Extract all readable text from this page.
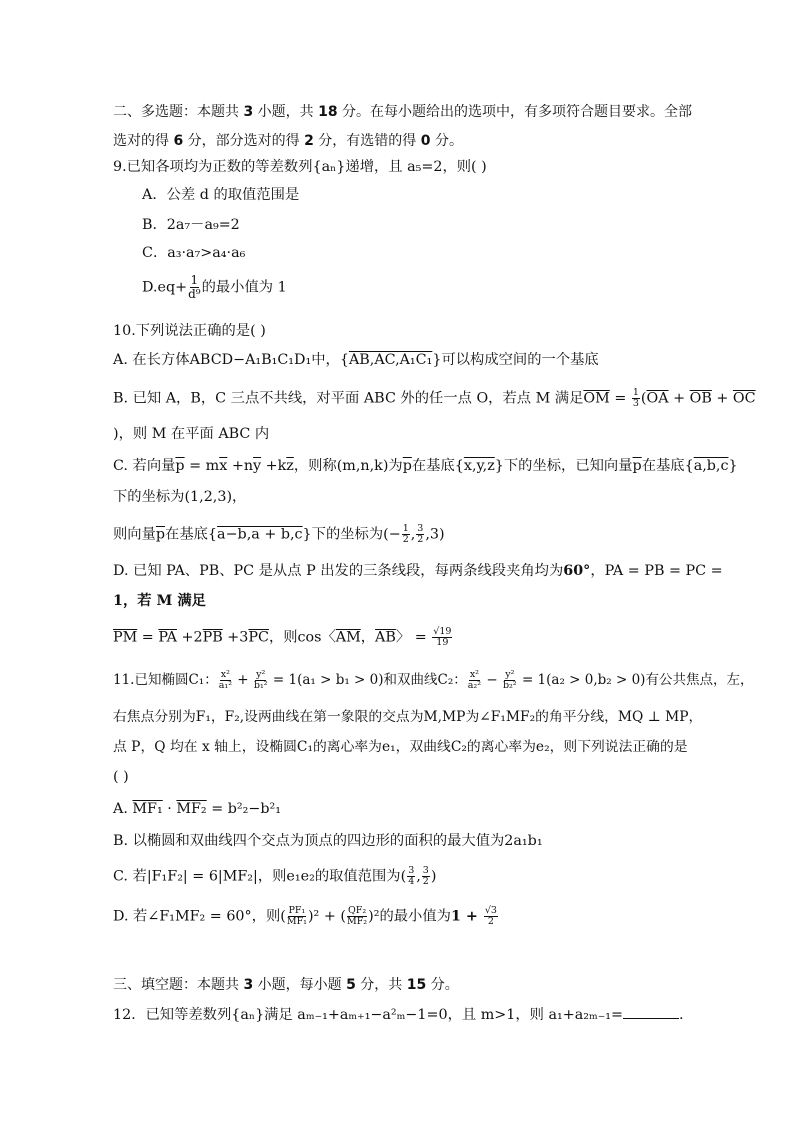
二、多选题：本题共 3 小题，共 18 分。在每小题给出的选项中，有多项符合题目要求。全部
选对的得 6 分，部分选对的得 2 分，有选错的得 0 分。
9.已知各项均为正数的等差数列{aₙ}递增，且 a₅=2，则( )
A．公差 d 的取值范围是
B．2a₇－a₉=2
C．a₃·a₇>a₄·a₆
$D.eq+ \frac{1}{\text{d⁹}}$ 的最小值为 1
10.下列说法正确的是( )
A. 在长方体ABCD−A₁B₁C₁D₁中，{AB,AC,A₁C₁}可以构成空间的一个基底
B. 已知 A，B，C 三点不共线，对平面 ABC 外的任一点 O，若点 M 满足$\overline{OM} = \frac{1}{3} (\overline{OA} + \overline{OB} + \overline{OC}$
)，则 M 在平面 ABC 内
C. 若向量$\overline{p} = m\overline{x} +n\overline{y} +k\overline{z}$，则称(m,n,k)为$\overline{p}$在基底{x,y,z}下的坐标，已知向量$\overline{p}$在基底{a,b,c}
下的坐标为(1,2,3)，
则向量$\overline{p}$在基底{a−b,a + b,c}下的坐标为(− $\frac{1}{2}$ , $\frac{3}{2} ,3$)
D. 已知 PA、PB、PC 是从点 P 出发的三条线段，每两条线段夹角均为60°，PA = PB = PC =
1，若 M 满足
$\overline{PM} = \overline{PA} +2\overline{PB} +3\overline{PC}$，则cos〈$\overline{AM}$，$\overline{AB}$〉 = $\frac{√19}{19}$
11.已知椭圆C₁： $\frac{\text{x²}}{\text{a₁²}} + \frac{\text{y²}}{\text{b₁²}} = 1(a_1 > b_1 > 0)$和双曲线C₂： $\frac{\text{x²}}{\text{a₂²}} - \frac{\text{y²}}{\text{b₂²}} = 1(a_2 > 0,b_2 > 0)$有公共焦点，左，
右焦点分别为F₁，F₂,设两曲线在第一象限的交点为M,MP为∠F₁MF₂的角平分线，MQ ⊥ MP，
点 P，Q 均在 x 轴上，设椭圆C₁的离心率为e₁，双曲线C₂的离心率为e₂，则下列说法正确的是
( )
A. MF₁ · MF₂ = b²₂−b²₁
B. 以椭圆和双曲线四个交点为顶点的四边形的面积的最大值为2a₁b₁
C. 若|F₁F₂| = 6|MF₂|，则e₁e₂的取值范围为( $\frac{3}{4}$ , $\frac{3}{2}$ )
D. 若∠F₁MF₂ = 60°，则( $\frac{\text{PF₁}}{\text{MF₁}} )^2$ + ( $\frac{\text{QF₂}}{\text{MF₂}} )^2$的最小值为$1 + \frac{√3}{2}$
三、填空题：本题共 3 小题，每小题 5 分，共 15 分。
12．已知等差数列{aₙ}满足 aₘ₋₁+aₘ₊₁−a²ₘ−1=0，且 m>1，则 a₁+a₂ₘ₋₁=	.
